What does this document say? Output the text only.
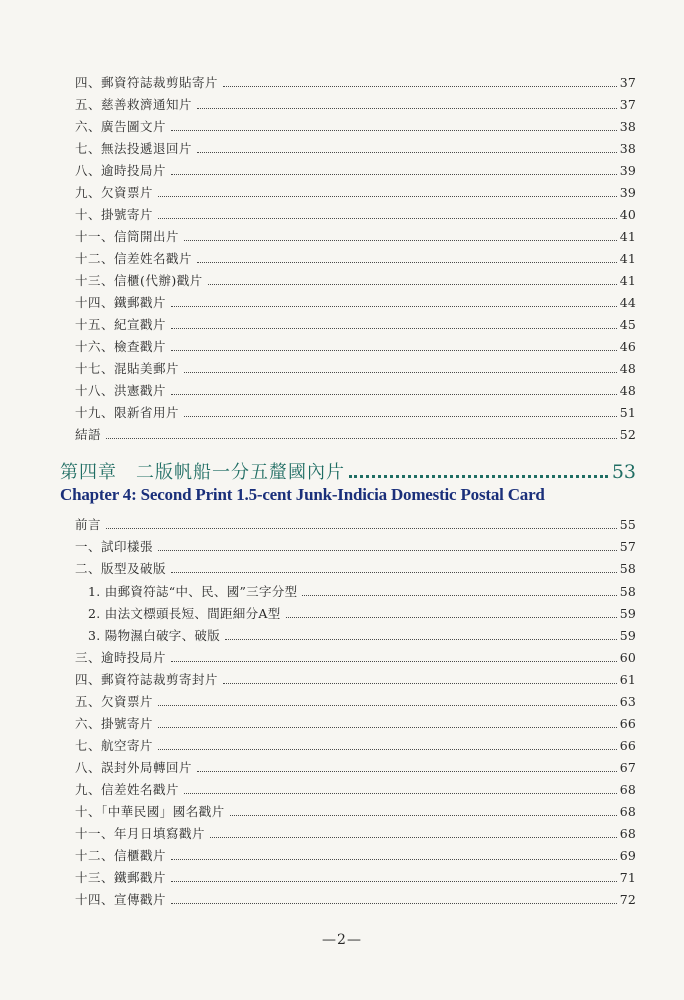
四、郵資符誌裁剪貼寄片	37
五、慈善救濟通知片	37
六、廣告圖文片	38
七、無法投遞退回片	38
八、逾時投局片	39
九、欠資票片	39
十、掛號寄片	40
十一、信筒開出片	41
十二、信差姓名戳片	41
十三、信櫃(代辦)戳片	41
十四、鐵郵戳片	44
十五、紀宣戳片	45
十六、檢查戳片	46
十七、混貼美郵片	48
十八、洪憲戳片	48
十九、限新省用片	51
結語	52
第四章　二版帆船一分五釐國內片	53
Chapter 4: Second Print 1.5-cent Junk-Indicia Domestic Postal Card
前言	55
一、試印樣張	57
二、版型及破版	58
1. 由郵資符誌“中、民、國”三字分型	58
2. 由法文標頭長短、間距細分A型	59
3. 陽物濕白破字、破版	59
三、逾時投局片	60
四、郵資符誌裁剪寄封片	61
五、欠資票片	63
六、掛號寄片	66
七、航空寄片	66
八、誤封外局轉回片	67
九、信差姓名戳片	68
十、「中華民國」國名戳片	68
十一、年月日填寫戳片	68
十二、信櫃戳片	69
十三、鐵郵戳片	71
十四、宣傳戳片	72
—2—
